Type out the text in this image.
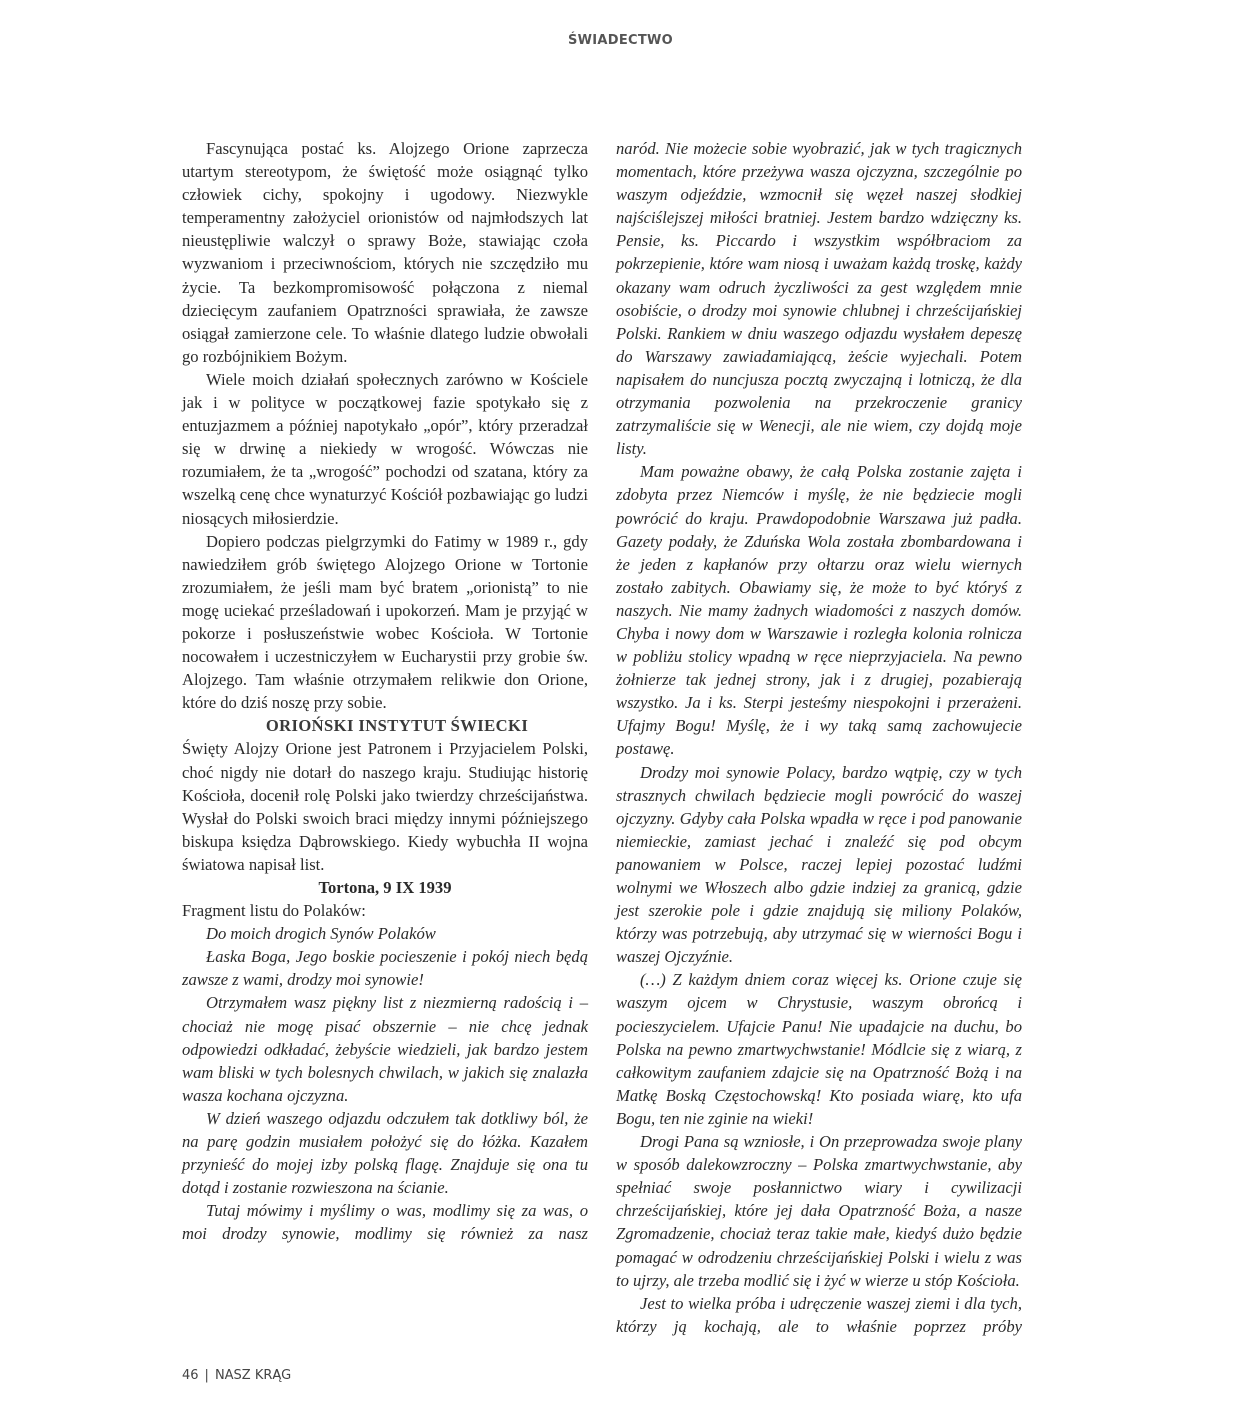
ŚWIADECTWO

Fascynująca postać ks. Alojzego Orione zaprzecza utartym stereotypom, że świętość może osiągnąć tylko człowiek cichy, spokojny i ugodowy. Niezwykle temperamentny założyciel orionistów od najmłodszych lat nieustępliwie walczył o sprawy Boże, stawiając czoła wyzwaniom i przeciwnościom, których nie szczędziło mu życie. Ta bezkompromisowość połączona z niemal dziecięcym zaufaniem Opatrzności sprawiała, że zawsze osiągał zamierzone cele. To właśnie dlatego ludzie obwołali go rozbójnikiem Bożym.

Wiele moich działań społecznych zarówno w Kościele jak i w polityce w początkowej fazie spotykało się z entuzjazmem a później napotykało „opór”, który przeradzał się w drwinę a niekiedy w wrogość. Wówczas nie rozumiałem, że ta „wrogość” pochodzi od szatana, który za wszelką cenę chce wynaturzyć Kościół pozbawiając go ludzi niosących miłosierdzie.

Dopiero podczas pielgrzymki do Fatimy w 1989 r., gdy nawiedziłem grób świętego Alojzego Orione w Tortonie zrozumiałem, że jeśli mam być bratem „orionistą” to nie mogę uciekać prześladowań i upokorzeń. Mam je przyjąć w pokorze i posłuszeństwie wobec Kościoła. W Tortonie nocowałem i uczestniczyłem w Eucharystii przy grobie św. Alojzego. Tam właśnie otrzymałem relikwie don Orione, które do dziś noszę przy sobie.

ORIOŃSKI INSTYTUT ŚWIECKI

Święty Alojzy Orione jest Patronem i Przyjacielem Polski, choć nigdy nie dotarł do naszego kraju. Studiując historię Kościoła, docenił rolę Polski jako twierdzy chrześcijaństwa. Wysłał do Polski swoich braci między innymi późniejszego biskupa księdza Dąbrowskiego. Kiedy wybuchła II wojna światowa napisał list.

Tortona, 9 IX 1939

Fragment listu do Polaków:

Do moich drogich Synów Polaków

Łaska Boga, Jego boskie pocieszenie i pokój niech będą zawsze z wami, drodzy moi synowie!

Otrzymałem wasz piękny list z niezmierną radością i – chociaż nie mogę pisać obszernie – nie chcę jednak odpowiedzi odkładać, żebyście wiedzieli, jak bardzo jestem wam bliski w tych bolesnych chwilach, w jakich się znalazła wasza kochana ojczyzna.

W dzień waszego odjazdu odczułem tak dotkliwy ból, że na parę godzin musiałem położyć się do łóżka. Kazałem przynieść do mojej izby polską flagę. Znajduje się ona tu dotąd i zostanie rozwieszona na ścianie.

Tutaj mówimy i myślimy o was, modlimy się za was, o moi drodzy synowie, modlimy się również za nasz

naród. Nie możecie sobie wyobrazić, jak w tych tragicznych momentach, które przeżywa wasza ojczyzna, szczególnie po waszym odjeździe, wzmocnił się węzeł naszej słodkiej najściślejszej miłości bratniej. Jestem bardzo wdzięczny ks. Pensie, ks. Piccardo i wszystkim współbraciom za pokrzepienie, które wam niosą i uważam każdą troskę, każdy okazany wam odruch życzliwości za gest względem mnie osobiście, o drodzy moi synowie chlubnej i chrześcijańskiej Polski. Rankiem w dniu waszego odjazdu wysłałem depeszę do Warszawy zawiadamiającą, żeście wyjechali. Potem napisałem do nuncjusza pocztą zwyczajną i lotniczą, że dla otrzymania pozwolenia na przekroczenie granicy zatrzymaliście się w Wenecji, ale nie wiem, czy dojdą moje listy.

Mam poważne obawy, że całą Polska zostanie zajęta i zdobyta przez Niemców i myślę, że nie będziecie mogli powrócić do kraju. Prawdopodobnie Warszawa już padła. Gazety podały, że Zduńska Wola została zbombardowana i że jeden z kapłanów przy ołtarzu oraz wielu wiernych zostało zabitych. Obawiamy się, że może to być któryś z naszych. Nie mamy żadnych wiadomości z naszych domów. Chyba i nowy dom w Warszawie i rozległa kolonia rolnicza w pobliżu stolicy wpadną w ręce nieprzyjaciela. Na pewno żołnierze tak jednej strony, jak i z drugiej, pozabierają wszystko. Ja i ks. Sterpi jesteśmy niespokojni i przerażeni. Ufajmy Bogu! Myślę, że i wy taką samą zachowujecie postawę.

Drodzy moi synowie Polacy, bardzo wątpię, czy w tych strasznych chwilach będziecie mogli powrócić do waszej ojczyzny. Gdyby cała Polska wpadła w ręce i pod panowanie niemieckie, zamiast jechać i znaleźć się pod obcym panowaniem w Polsce, raczej lepiej pozostać ludźmi wolnymi we Włoszech albo gdzie indziej za granicą, gdzie jest szerokie pole i gdzie znajdują się miliony Polaków, którzy was potrzebują, aby utrzymać się w wierności Bogu i waszej Ojczyźnie.

(…) Z każdym dniem coraz więcej ks. Orione czuje się waszym ojcem w Chrystusie, waszym obrońcą i pocieszycielem. Ufajcie Panu! Nie upadajcie na duchu, bo Polska na pewno zmartwychwstanie! Módlcie się z wiarą, z całkowitym zaufaniem zdajcie się na Opatrzność Bożą i na Matkę Boską Częstochowską! Kto posiada wiarę, kto ufa Bogu, ten nie zginie na wieki!

Drogi Pana są wzniosłe, i On przeprowadza swoje plany w sposób dalekowzroczny – Polska zmartwychwstanie, aby spełniać swoje posłannictwo wiary i cywilizacji chrześcijańskiej, które jej dała Opatrzność Boża, a nasze Zgromadzenie, chociaż teraz takie małe, kiedyś dużo będzie pomagać w odrodzeniu chrześcijańskiej Polski i wielu z was to ujrzy, ale trzeba modlić się i żyć w wierze u stóp Kościoła.

Jest to wielka próba i udręczenie waszej ziemi i dla tych, którzy ją kochają, ale to właśnie poprzez próby

46 | NASZ KRĄG
